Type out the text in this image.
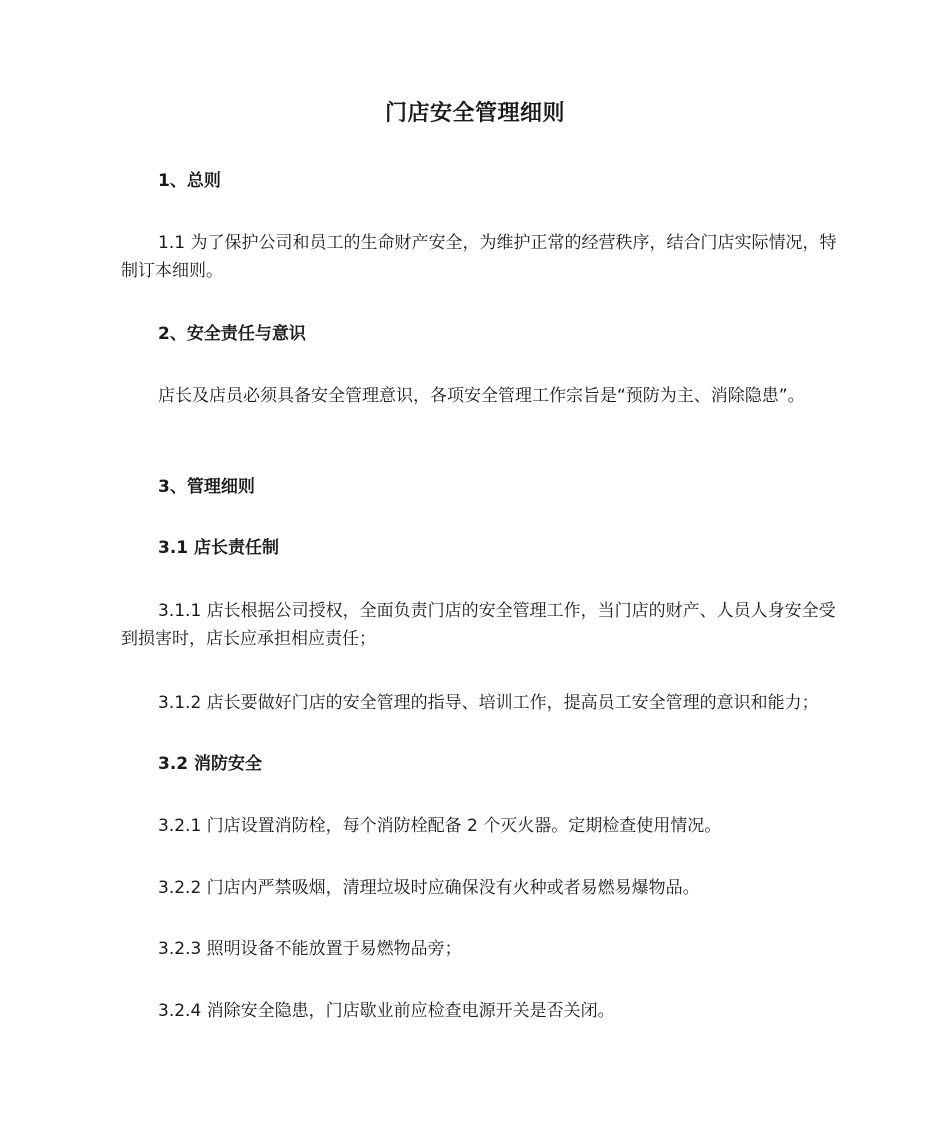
门店安全管理细则
1、总则

1.1 为了保护公司和员工的生命财产安全，为维护正常的经营秩序，结合门店实际情况，特制订本细则。

2、安全责任与意识

店长及店员必须具备安全管理意识，各项安全管理工作宗旨是“预防为主、消除隐患”。

3、管理细则
3.1 店长责任制

3.1.1 店长根据公司授权，全面负责门店的安全管理工作，当门店的财产、人员人身安全受到损害时，店长应承担相应责任；

3.1.2 店长要做好门店的安全管理的指导、培训工作，提高员工安全管理的意识和能力；

3.2 消防安全

3.2.1 门店设置消防栓，每个消防栓配备 2 个灭火器。定期检查使用情况。

3.2.2 门店内严禁吸烟，清理垃圾时应确保没有火种或者易燃易爆物品。

3.2.3 照明设备不能放置于易燃物品旁；

3.2.4 消除安全隐患，门店歇业前应检查电源开关是否关闭。
